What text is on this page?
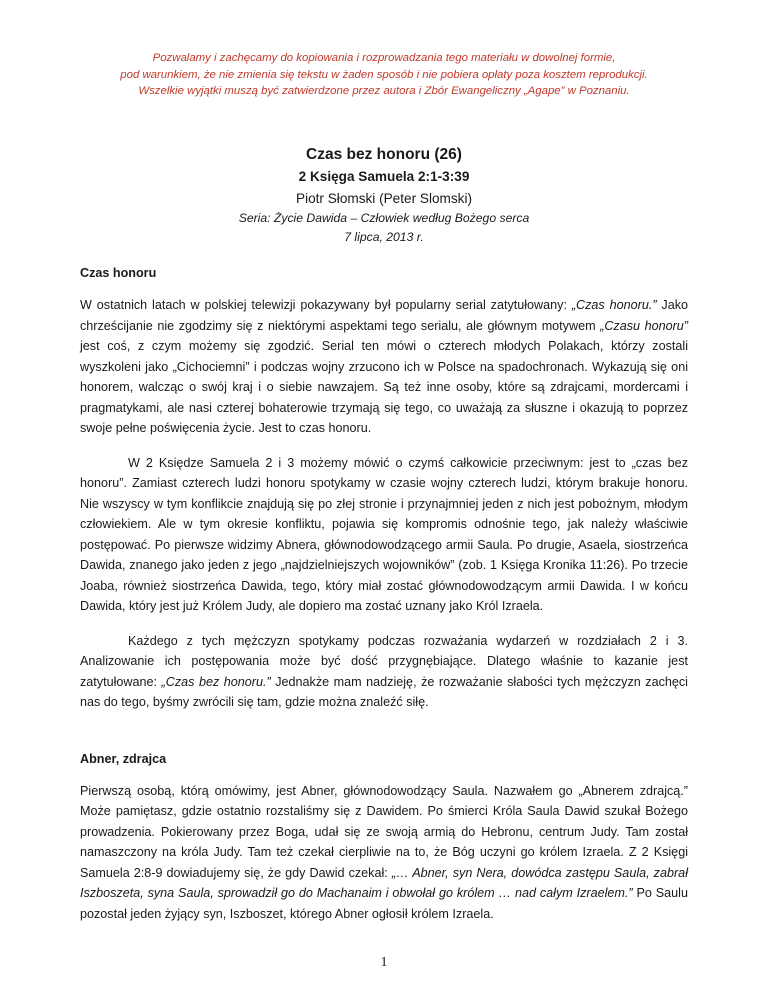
Pozwalamy i zachęcamy do kopiowania i rozprowadzania tego materiału w dowolnej formie,
pod warunkiem, że nie zmienia się tekstu w żaden sposób i nie pobiera opłaty poza kosztem reprodukcji.
Wszelkie wyjątki muszą być zatwierdzone przez autora i Zbór Ewangeliczny „Agape” w Poznaniu.
Czas bez honoru (26)
2 Księga Samuela 2:1-3:39
Piotr Słomski (Peter Slomski)
Seria: Życie Dawida – Człowiek według Bożego serca
7 lipca, 2013 r.
Czas honoru

W ostatnich latach w polskiej telewizji pokazywany był popularny serial zatytułowany: „Czas honoru.” Jako chrześcijanie nie zgodzimy się z niektórymi aspektami tego serialu, ale głównym motywem „Czasu honoru” jest coś, z czym możemy się zgodzić. Serial ten mówi o czterech młodych Polakach, którzy zostali wyszkoleni jako „Cichociemni” i podczas wojny zrzucono ich w Polsce na spadochronach. Wykazują się oni honorem, walcząc o swój kraj i o siebie nawzajem. Są też inne osoby, które są zdrajcami, mordercami i pragmatykami, ale nasi czterej bohaterowie trzymają się tego, co uważają za słuszne i okazują to poprzez swoje pełne poświęcenia życie. Jest to czas honoru.

W 2 Księdze Samuela 2 i 3 możemy mówić o czymś całkowicie przeciwnym: jest to „czas bez honoru”. Zamiast czterech ludzi honoru spotykamy w czasie wojny czterech ludzi, którym brakuje honoru. Nie wszyscy w tym konflikcie znajdują się po złej stronie i przynajmniej jeden z nich jest pobożnym, młodym człowiekiem. Ale w tym okresie konfliktu, pojawia się kompromis odnośnie tego, jak należy właściwie postępować. Po pierwsze widzimy Abnera, głównodowodzącego armii Saula. Po drugie, Asaela, siostrzeńca Dawida, znanego jako jeden z jego „najdzielniejszych wojowników” (zob. 1 Księga Kronika 11:26). Po trzecie Joaba, również siostrzeńca Dawida, tego, który miał zostać głównodowodzącym armii Dawida. I w końcu Dawida, który jest już Królem Judy, ale dopiero ma zostać uznany jako Król Izraela.

Każdego z tych mężczyzn spotykamy podczas rozważania wydarzeń w rozdziałach 2 i 3. Analizowanie ich postępowania może być dość przygnębiające. Dlatego właśnie to kazanie jest zatytułowane: „Czas bez honoru.” Jednakże mam nadzieję, że rozważanie słabości tych mężczyzn zachęci nas do tego, byśmy zwrócili się tam, gdzie można znaleźć siłę.

Abner, zdrajca

Pierwszą osobą, którą omówimy, jest Abner, głównodowodzący Saula. Nazwałem go „Abnerem zdrajcą.” Może pamiętasz, gdzie ostatnio rozstaliśmy się z Dawidem. Po śmierci Króla Saula Dawid szukał Bożego prowadzenia. Pokierowany przez Boga, udał się ze swoją armią do Hebronu, centrum Judy. Tam został namaszczony na króla Judy. Tam też czekał cierpliwie na to, że Bóg uczyni go królem Izraela. Z 2 Księgi Samuela 2:8-9 dowiadujemy się, że gdy Dawid czekał: „… Abner, syn Nera, dowódca zastępu Saula, zabrał Iszboszeta, syna Saula, sprowadził go do Machanaim i obwołał go królem … nad całym Izraelem.” Po Saulu pozostał jeden żyjący syn, Iszboszet, którego Abner ogłosił królem Izraela.

1
